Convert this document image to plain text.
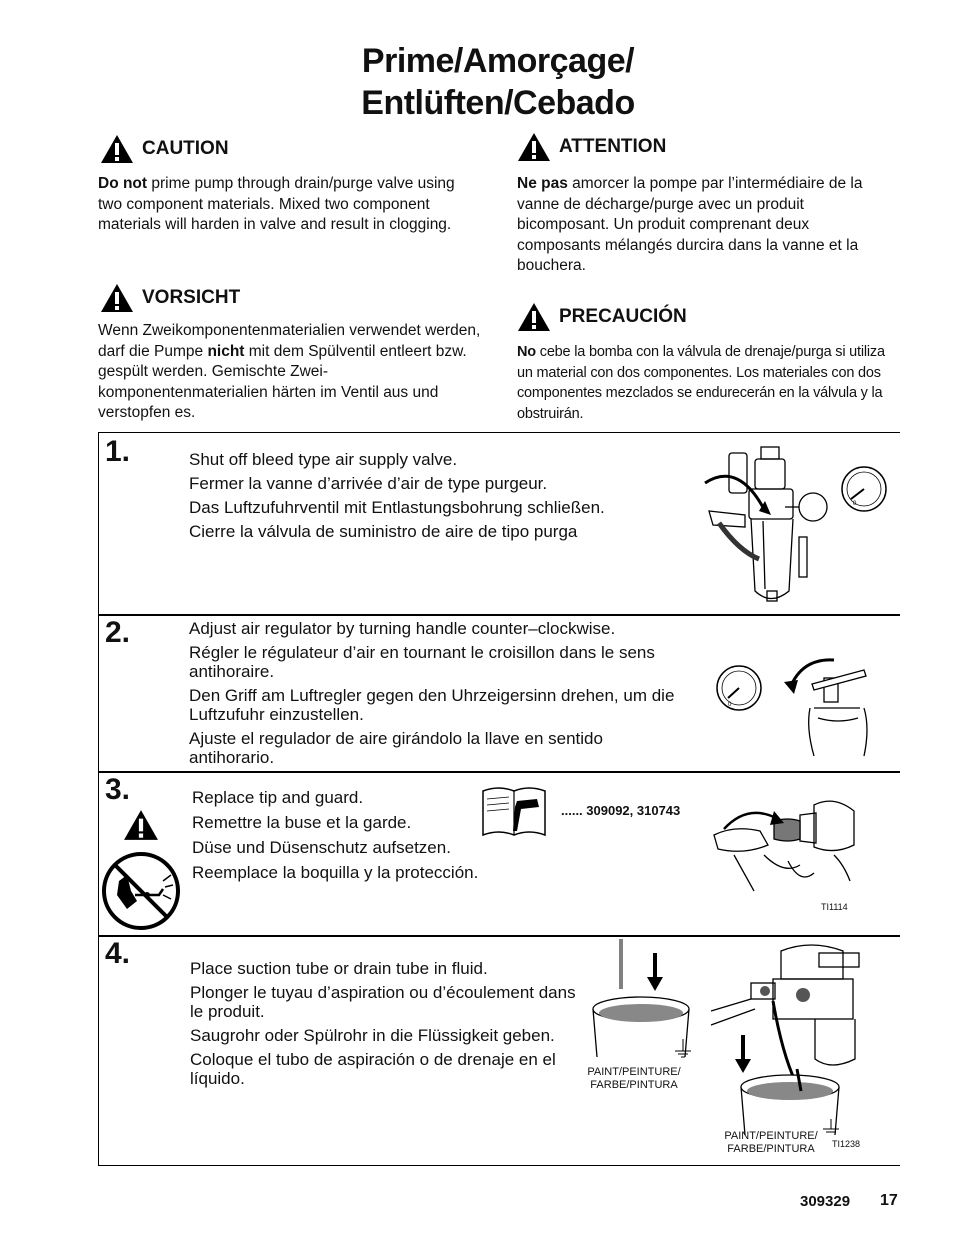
Prime/Amorçage/
Entlüften/Cebado
CAUTION
Do not prime pump through drain/purge valve using two component materials. Mixed two component materials will harden in valve and result in clogging.
ATTENTION
Ne pas amorcer la pompe par l’intermédiaire de la vanne de décharge/purge avec un produit bicomposant. Un produit comprenant deux composants mélangés durcira dans la vanne et la bouchera.
VORSICHT
Wenn Zweikomponentenmaterialien verwendet werden, darf die Pumpe nicht mit dem Spülventil entleert bzw. gespült werden. Gemischte Zwei-komponentenmaterialien härten im Ventil aus und verstopfen es.
PRECAUCIÓN
No cebe la bomba con la válvula de drenaje/purga si utiliza un material con dos componentes. Los materiales con dos componentes mezclados se endurecerán en la válvula y la obstruirán.
1.	Shut off bleed type air supply valve.

Fermer la vanne d’arrivée d’air de type purgeur.

Das Luftzufuhrventil mit Entlastungsbohrung schließen.

Cierre la válvula de suministro de aire de tipo purga

0
2.	Adjust air regulator by turning handle counter–clockwise.

Régler le régulateur d’air en tournant le croisillon dans le sens antihoraire.

Den Griff am Luftregler gegen den Uhrzeigersinn drehen, um die Luftzufuhr einzustellen.

Ajuste el regulador de aire girándolo la llave en sentido antihorario.

0
3.	Replace tip and guard.

Remettre la buse et la garde.

Düse und Düsenschutz aufsetzen.

Reemplace la boquilla y la protección.

...... 309092, 310743
TI1114
4.	Place suction tube or drain tube in fluid.

Plonger le tuyau d’aspiration ou d’écoulement dans le produit.

Saugrohr oder Spülrohr in die Flüssigkeit geben.

Coloque el tubo de aspiración o de drenaje en el líquido.	PAINT/PEINTURE/
FARBE/PINTURA
PAINT/PEINTURE/
FARBE/PINTURA	TI1238
309329 17
